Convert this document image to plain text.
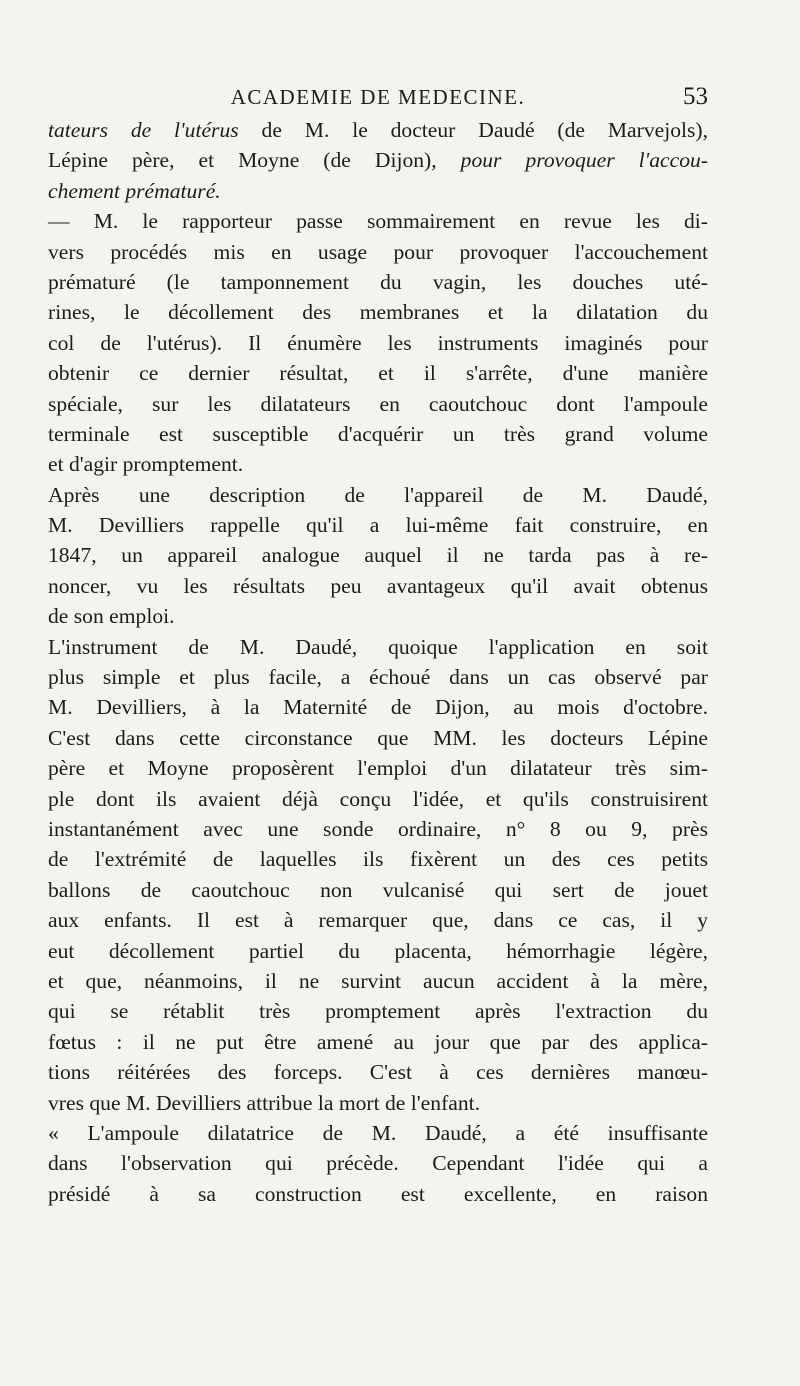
ACADEMIE DE MEDECINE.	53
tateurs de l'utérus de M. le docteur Daudé (de Marvejols),
Lépine père, et Moyne (de Dijon), pour provoquer l'accou-
chement prématuré.
— M. le rapporteur passe sommairement en revue les di-
vers procédés mis en usage pour provoquer l'accouchement
prématuré (le tamponnement du vagin, les douches uté-
rines, le décollement des membranes et la dilatation du
col de l'utérus). Il énumère les instruments imaginés pour
obtenir ce dernier résultat, et il s'arrête, d'une manière
spéciale, sur les dilatateurs en caoutchouc dont l'ampoule
terminale est susceptible d'acquérir un très grand volume
et d'agir promptement.
Après une description de l'appareil de M. Daudé,
M. Devilliers rappelle qu'il a lui-même fait construire, en
1847, un appareil analogue auquel il ne tarda pas à re-
noncer, vu les résultats peu avantageux qu'il avait obtenus
de son emploi.
L'instrument de M. Daudé, quoique l'application en soit
plus simple et plus facile, a échoué dans un cas observé par
M. Devilliers, à la Maternité de Dijon, au mois d'octobre.
C'est dans cette circonstance que MM. les docteurs Lépine
père et Moyne proposèrent l'emploi d'un dilatateur très sim-
ple dont ils avaient déjà conçu l'idée, et qu'ils construisirent
instantanément avec une sonde ordinaire, n° 8 ou 9, près
de l'extrémité de laquelles ils fixèrent un des ces petits
ballons de caoutchouc non vulcanisé qui sert de jouet
aux enfants. Il est à remarquer que, dans ce cas, il y
eut décollement partiel du placenta, hémorrhagie légère,
et que, néanmoins, il ne survint aucun accident à la mère,
qui se rétablit très promptement après l'extraction du
fœtus : il ne put être amené au jour que par des applica-
tions réitérées des forceps. C'est à ces dernières manœu-
vres que M. Devilliers attribue la mort de l'enfant.
« L'ampoule dilatatrice de M. Daudé, a été insuffisante
dans l'observation qui précède. Cependant l'idée qui a
présidé à sa construction est excellente, en raison
